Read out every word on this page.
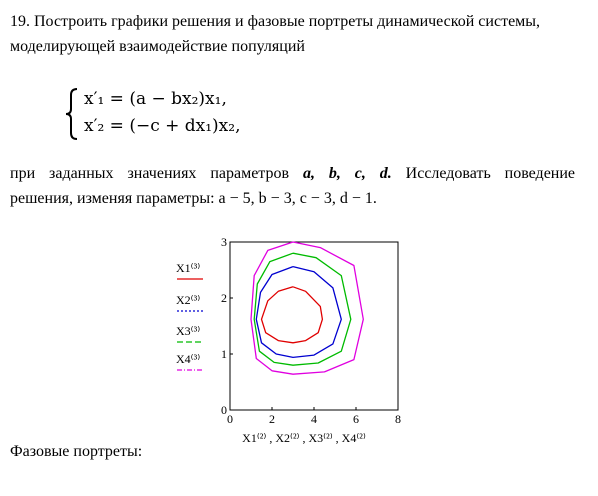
19. Построить графики решения и фазовые портреты динамической системы,
моделирующей взаимодействие популяций
x′₁ = (a − bx₂)x₁,
x′₂ = (−c + dx₁)x₂,
при заданных значениях параметров a, b, c, d. Исследовать поведение
решения, изменяя параметры: a − 5, b − 3, c − 3, d − 1.
0	2	4	6	8
0
1
2
3
X1⁽³⁾
X2⁽³⁾
X3⁽³⁾
X4⁽³⁾
X1⁽²⁾ , X2⁽²⁾ , X3⁽²⁾ , X4⁽²⁾
Фазовые портреты:
